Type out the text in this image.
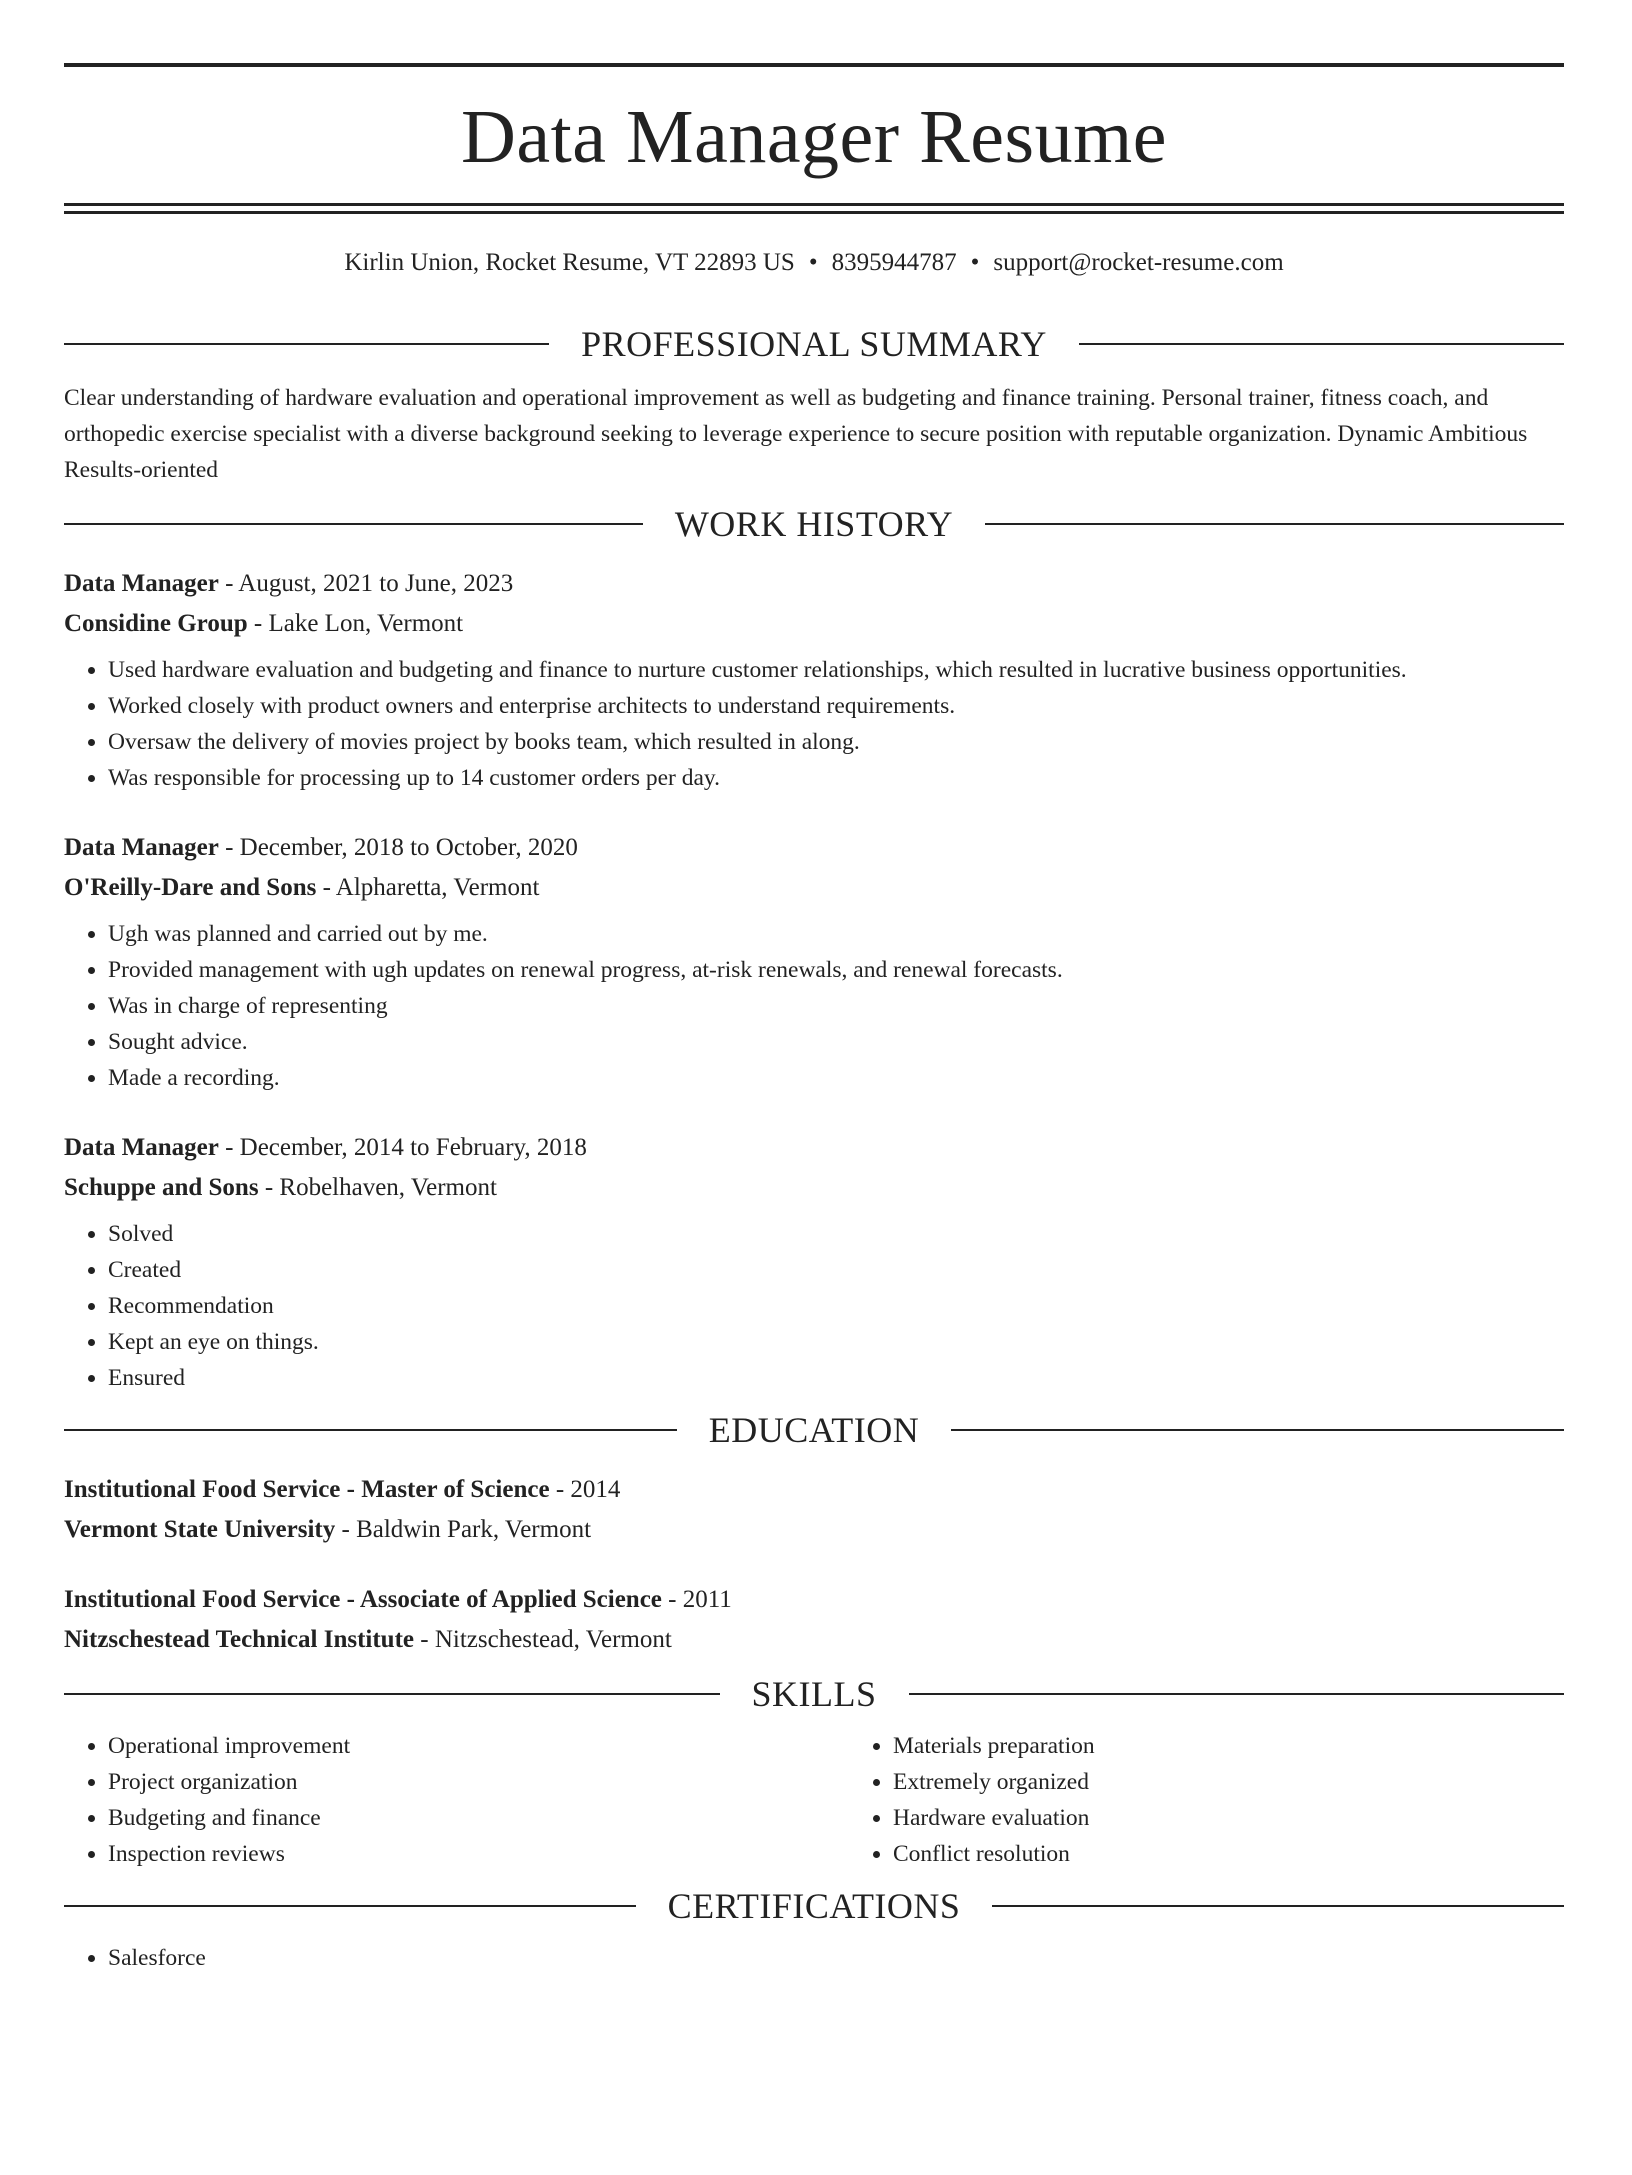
Data Manager Resume
Kirlin Union, Rocket Resume, VT 22893 US • 8395944787 • support@rocket-resume.com
PROFESSIONAL SUMMARY

Clear understanding of hardware evaluation and operational improvement as well as budgeting and finance training. Personal trainer, fitness coach, and orthopedic exercise specialist with a diverse background seeking to leverage experience to secure position with reputable organization. Dynamic Ambitious Results-oriented

WORK HISTORY
Data Manager - August, 2021 to June, 2023
Considine Group - Lake Lon, Vermont
• Used hardware evaluation and budgeting and finance to nurture customer relationships, which resulted in lucrative business opportunities.
• Worked closely with product owners and enterprise architects to understand requirements.
• Oversaw the delivery of movies project by books team, which resulted in along.
• Was responsible for processing up to 14 customer orders per day.
Data Manager - December, 2018 to October, 2020
O'Reilly-Dare and Sons - Alpharetta, Vermont
• Ugh was planned and carried out by me.
• Provided management with ugh updates on renewal progress, at-risk renewals, and renewal forecasts.
• Was in charge of representing
• Sought advice.
• Made a recording.
Data Manager - December, 2014 to February, 2018
Schuppe and Sons - Robelhaven, Vermont
• Solved
• Created
• Recommendation
• Kept an eye on things.
• Ensured
EDUCATION
Institutional Food Service - Master of Science - 2014
Vermont State University - Baldwin Park, Vermont
Institutional Food Service - Associate of Applied Science - 2011
Nitzschestead Technical Institute - Nitzschestead, Vermont
SKILLS
• Operational improvement
• Project organization
• Budgeting and finance
• Inspection reviews
• Materials preparation
• Extremely organized
• Hardware evaluation
• Conflict resolution
CERTIFICATIONS
• Salesforce
